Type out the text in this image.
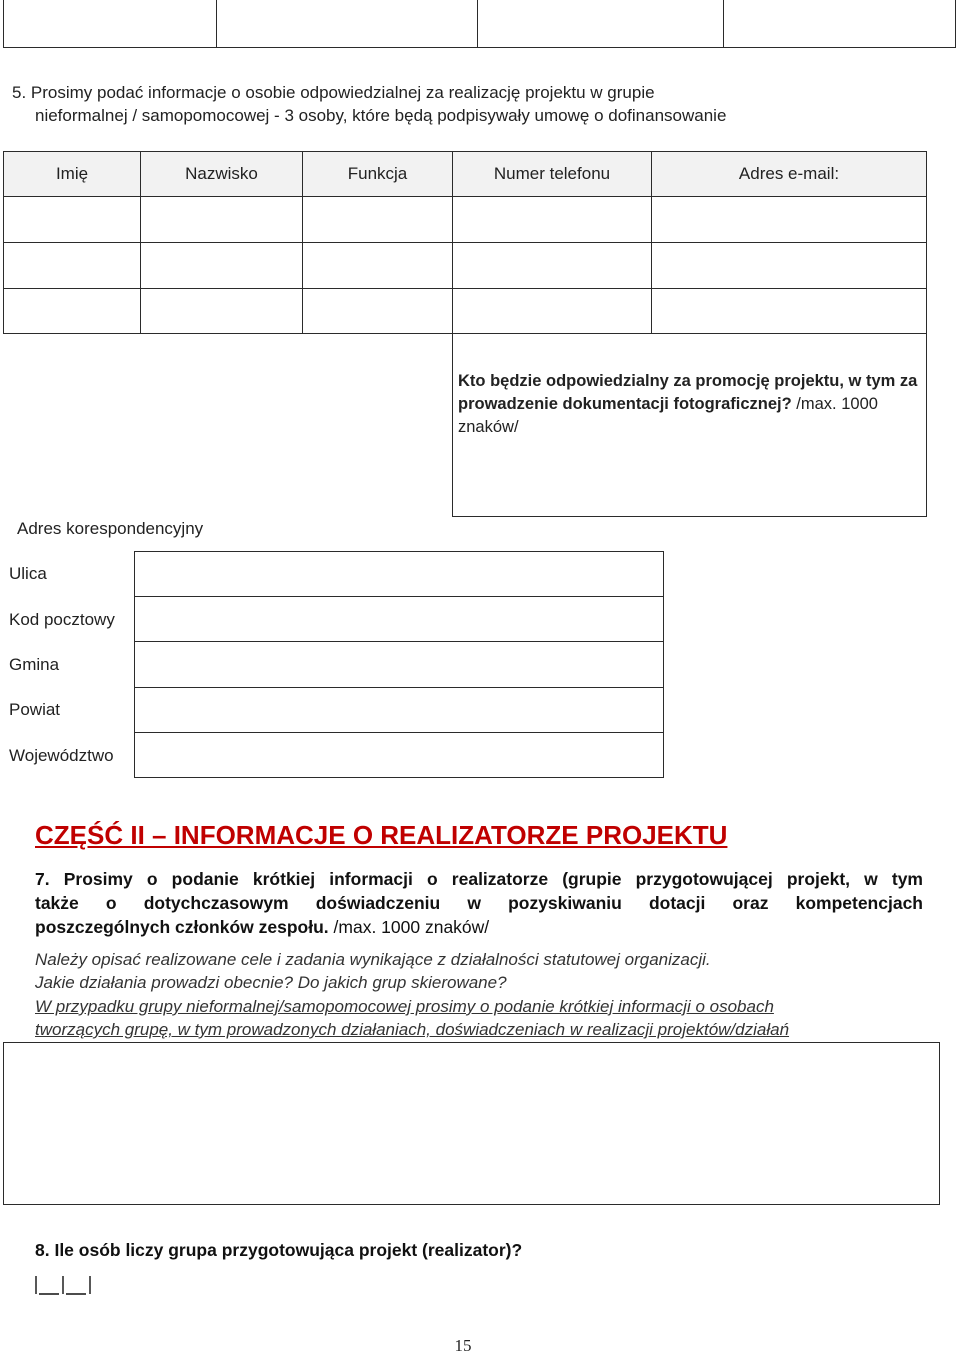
5. Prosimy podać informacje o osobie odpowiedzialnej za realizację projektu w grupie
nieformalnej / samopomocowej - 3 osoby, które będą podpisywały umowę o dofinansowanie
Imię	Nazwisko	Funkcja	Numer telefonu	Adres e-mail:
Kto będzie odpowiedzialny za promocję projektu, w tym za
prowadzenie dokumentacji fotograficznej? /max. 1000
znaków/
Adres korespondencyjny
Ulica
Kod pocztowy
Gmina
Powiat
Województwo
CZĘŚĆ II – INFORMACJE O REALIZATORZE PROJEKTU
7. Prosimy o podanie krótkiej informacji o realizatorze (grupie przygotowującej projekt, w tym
także o dotychczasowym doświadczeniu w pozyskiwaniu dotacji oraz kompetencjach
poszczególnych członków zespołu. /max. 1000 znaków/
Należy opisać realizowane cele i zadania wynikające z działalności statutowej organizacji.
Jakie działania prowadzi obecnie? Do jakich grup skierowane?
W przypadku grupy nieformalnej/samopomocowej prosimy o podanie krótkiej informacji o osobach
tworzących grupę, w tym prowadzonych działaniach, doświadczeniach w realizacji projektów/działań
8. Ile osób liczy grupa przygotowująca projekt (realizator)?
15
